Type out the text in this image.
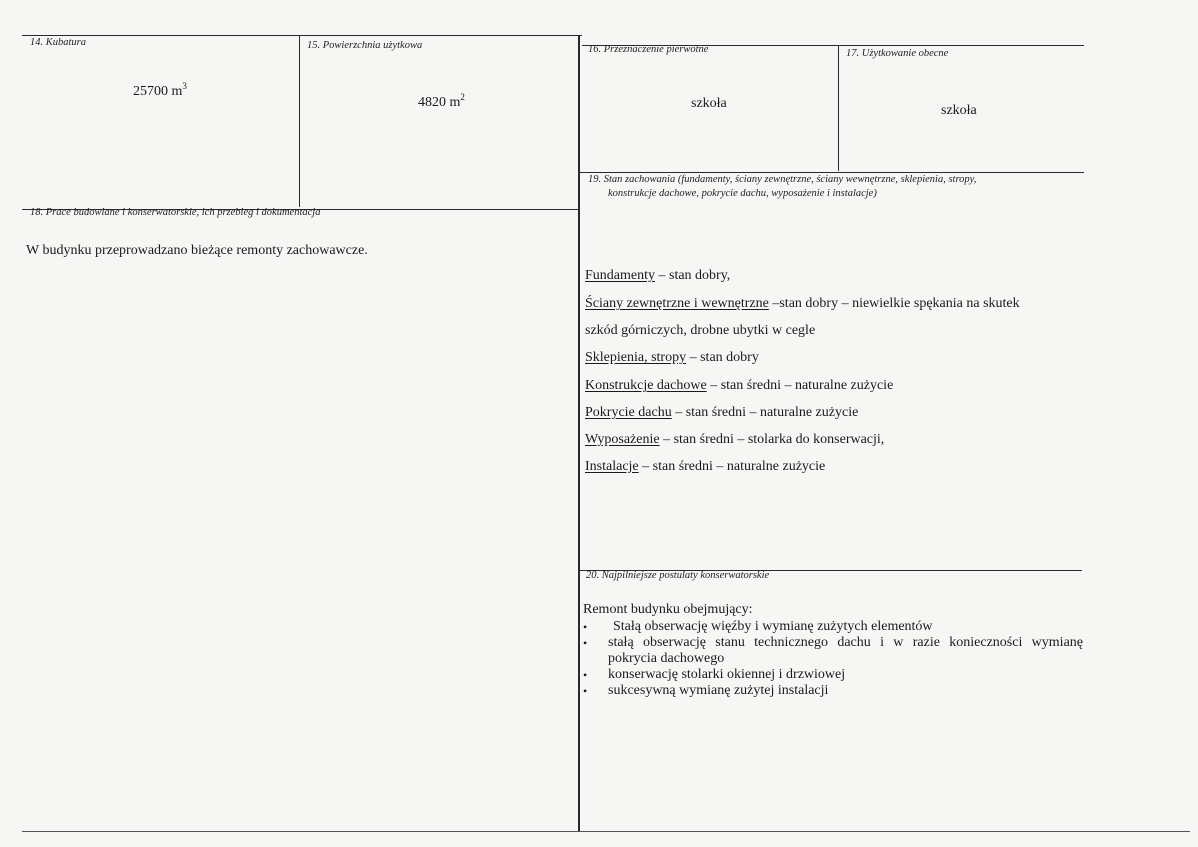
14. Kubatura
25700 $m^3$
15. Powierzchnia użytkowa
4820 $m^2$
16. Przeznaczenie pierwotne
szkoła
17. Użytkowanie obecne
szkoła
18. Prace budowlane i konserwatorskie, ich przebieg i dokumentacja
W budynku przeprowadzano bieżące remonty zachowawcze.
19. Stan zachowania (fundamenty, ściany zewnętrzne, ściany wewnętrzne, sklepienia, stropy,
konstrukcje dachowe, pokrycie dachu, wyposażenie i instalacje)
Fundamenty – stan dobry,
Ściany zewnętrzne i wewnętrzne –stan dobry – niewielkie spękania na skutek
szkód górniczych, drobne ubytki w cegle
Sklepienia, stropy – stan dobry
Konstrukcje dachowe – stan średni – naturalne zużycie
Pokrycie dachu – stan średni – naturalne zużycie
Wyposażenie – stan średni – stolarka do konserwacji,
Instalacje – stan średni – naturalne zużycie
20. Najpilniejsze postulaty konserwatorskie
Remont budynku obejmujący:
• Stałą obserwację więźby i wymianę zużytych elementów
• stałą obserwację stanu technicznego dachu i w razie konieczności wymianę pokrycia dachowego
• konserwację stolarki okiennej i drzwiowej
• sukcesywną wymianę zużytej instalacji
